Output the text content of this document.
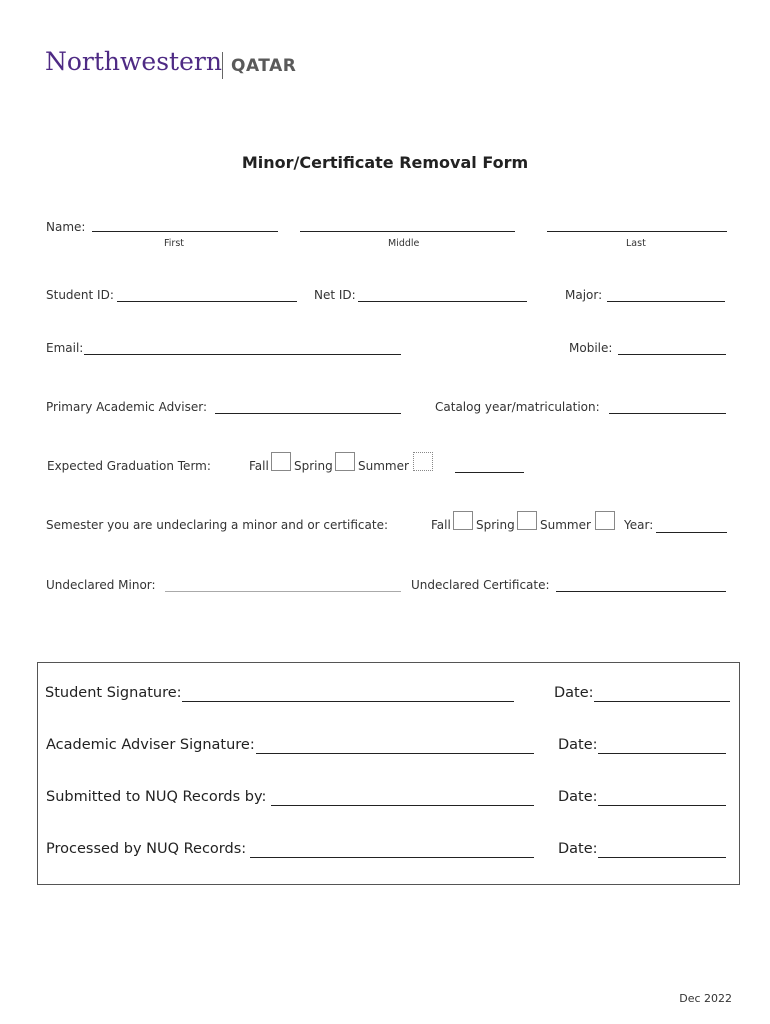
Northwestern QATAR
Minor/Certificate Removal Form
Name:
First	Middle	Last
Student ID:	Net ID:	Major:
Email:	Mobile:
Primary Academic Adviser:	Catalog year/matriculation:
Expected Graduation Term:	Fall Spring Summer
Semester you are undeclaring a minor and or certificate:	Fall Spring Summer	Year:
Undeclared Minor:	Undeclared Certificate:
Student Signature:	Date:
Academic Adviser Signature:	Date:
Submitted to NUQ Records by:	Date:
Processed by NUQ Records:	Date:
Dec 2022
